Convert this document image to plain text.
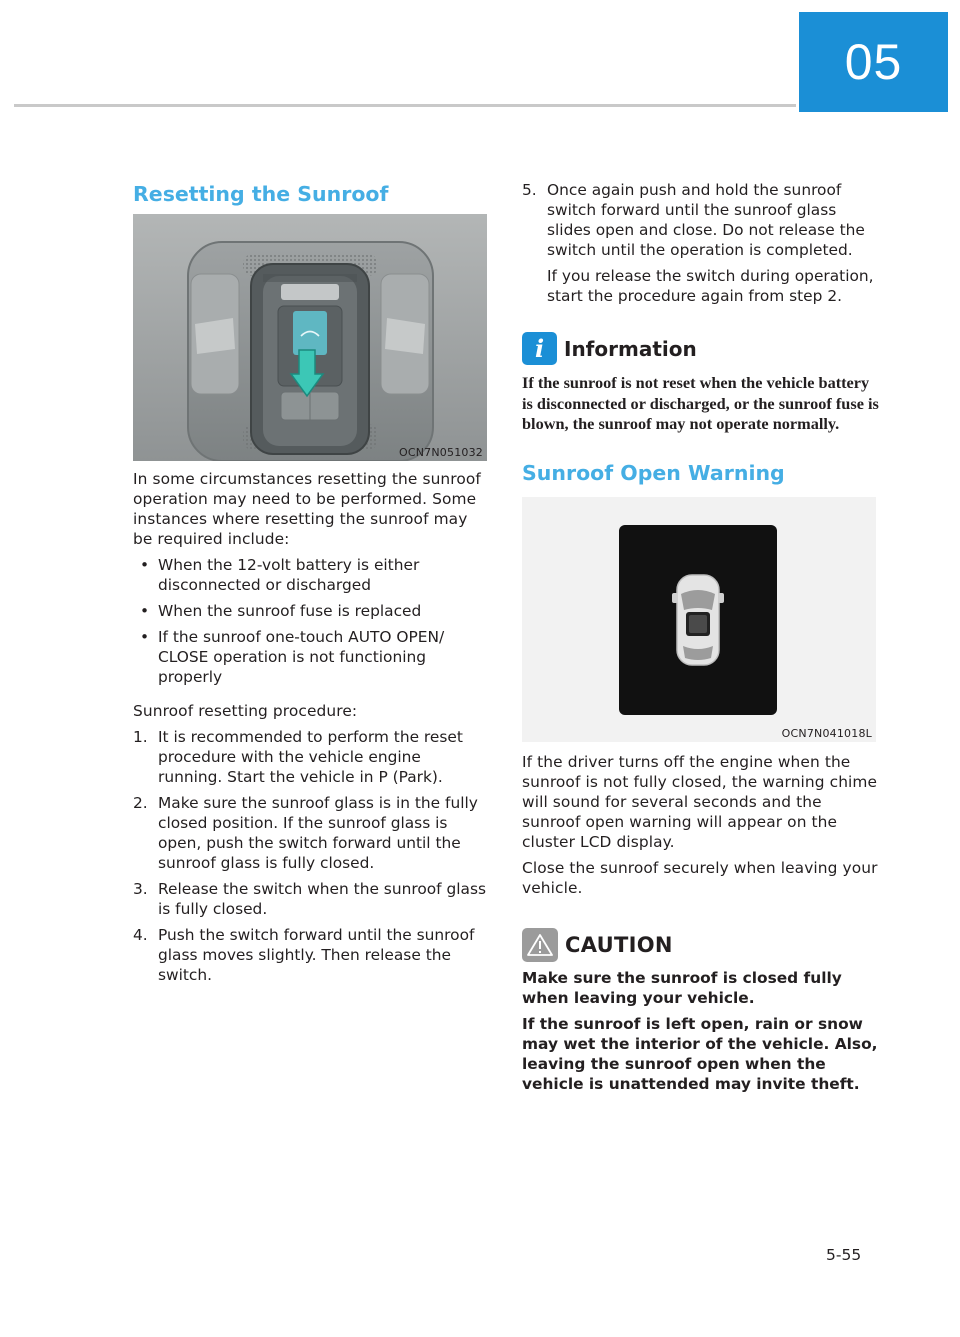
05
Resetting the Sunroof
OCN7N051032

In some circumstances resetting the sunroof operation may need to be performed. Some instances where resetting the sunroof may be required include:

• When the 12-volt battery is either disconnected or discharged
• When the sunroof fuse is replaced
• If the sunroof one-touch AUTO OPEN/ CLOSE operation is not functioning properly

Sunroof resetting procedure:

1. It is recommended to perform the reset procedure with the vehicle engine running. Start the vehicle in P (Park).
2. Make sure the sunroof glass is in the fully closed position. If the sunroof glass is open, push the switch forward until the sunroof glass is fully closed.
3. Release the switch when the sunroof glass is fully closed.
4. Push the switch forward until the sunroof glass moves slightly. Then release the switch.
5. Once again push and hold the sunroof switch forward until the sunroof glass slides open and close. Do not release the switch until the operation is completed.

If you release the switch during operation, start the procedure again from step 2.

i Information

If the sunroof is not reset when the vehicle battery is disconnected or discharged, or the sunroof fuse is blown, the sunroof may not operate normally.

Sunroof Open Warning
OCN7N041018L

If the driver turns off the engine when the sunroof is not fully closed, the warning chime will sound for several seconds and the sunroof open warning will appear on the cluster LCD display.

Close the sunroof securely when leaving your vehicle.

CAUTION

Make sure the sunroof is closed fully when leaving your vehicle.

If the sunroof is left open, rain or snow may wet the interior of the vehicle. Also, leaving the sunroof open when the vehicle is unattended may invite theft.

5-55
